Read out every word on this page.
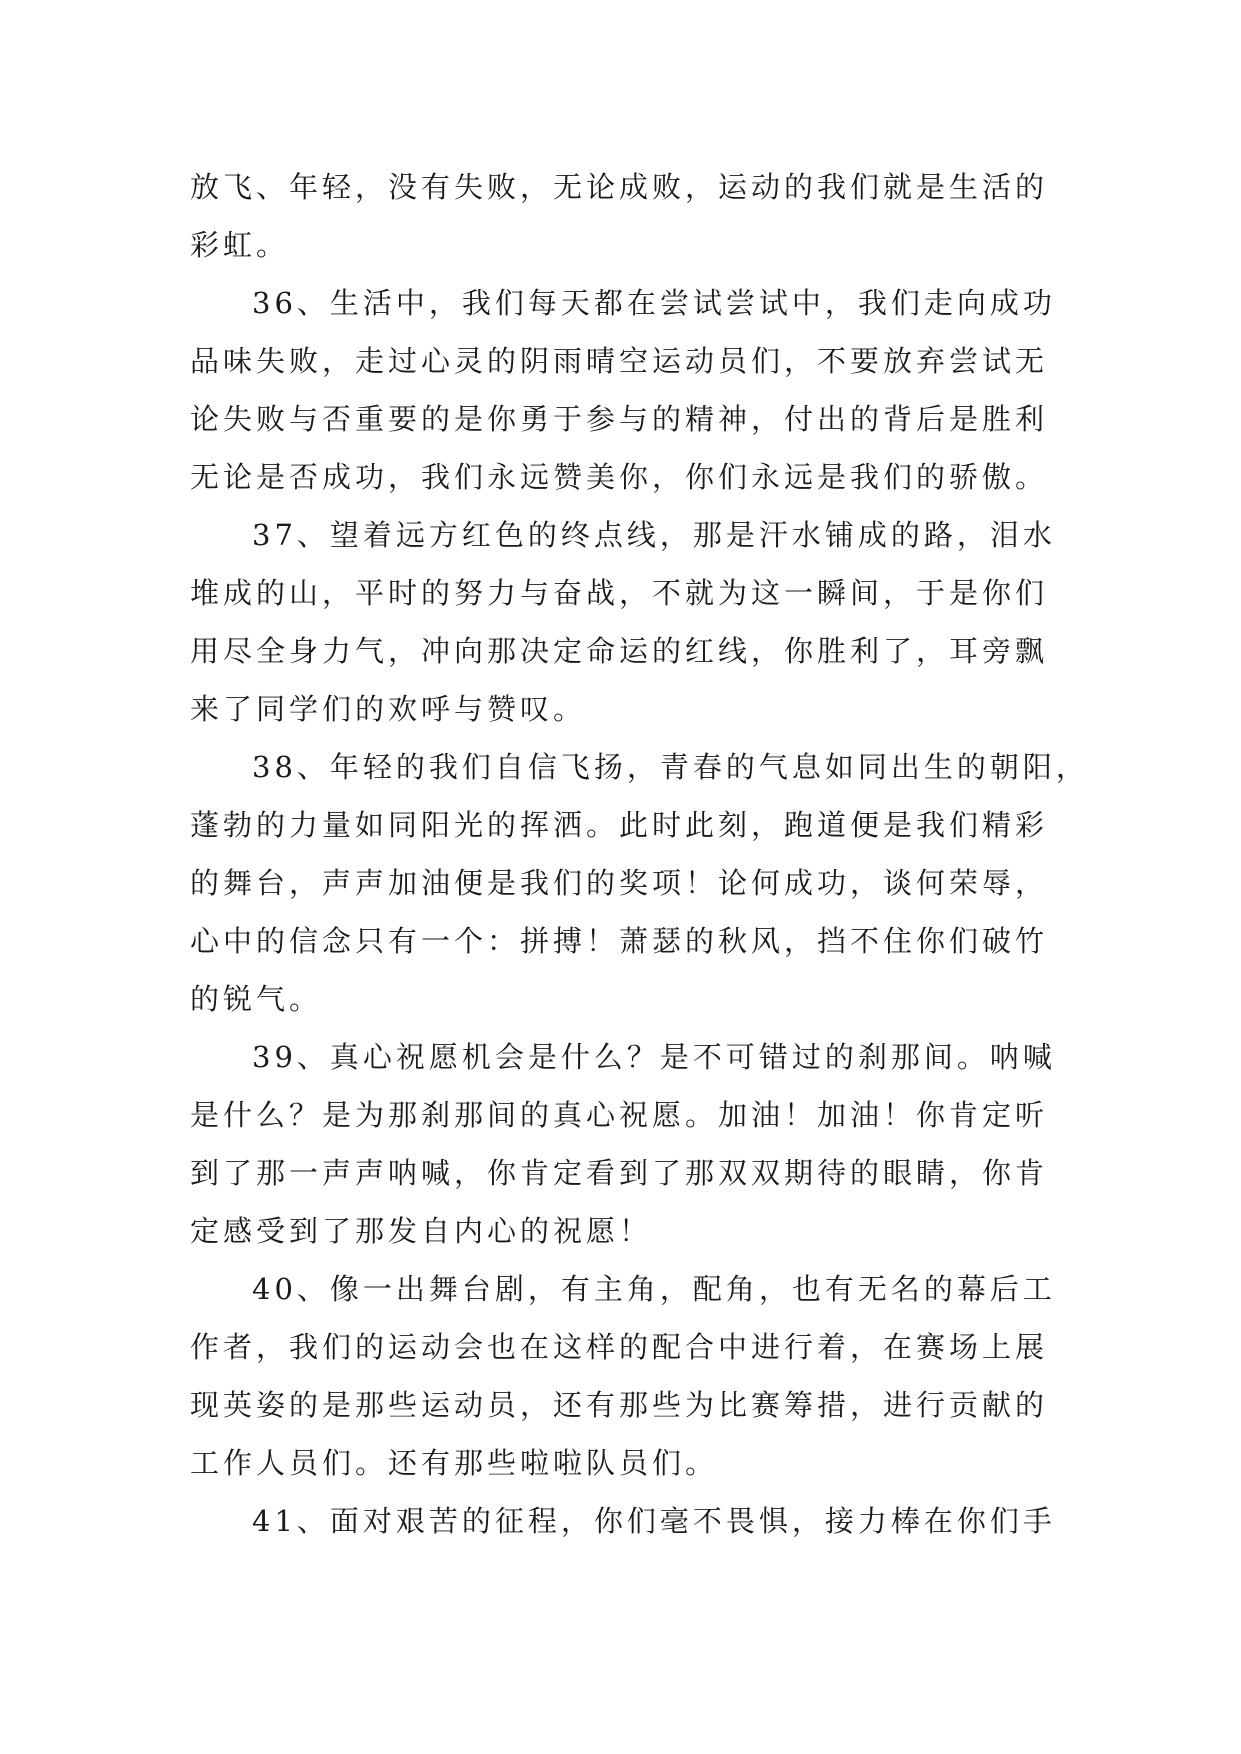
放飞、年轻，没有失败，无论成败，运动的我们就是生活的
彩虹。
36、生活中，我们每天都在尝试尝试中，我们走向成功
品味失败，走过心灵的阴雨晴空运动员们，不要放弃尝试无
论失败与否重要的是你勇于参与的精神，付出的背后是胜利
无论是否成功，我们永远赞美你，你们永远是我们的骄傲。
37、望着远方红色的终点线，那是汗水铺成的路，泪水
堆成的山，平时的努力与奋战，不就为这一瞬间，于是你们
用尽全身力气，冲向那决定命运的红线，你胜利了，耳旁飘
来了同学们的欢呼与赞叹。
38、年轻的我们自信飞扬，青春的气息如同出生的朝阳，
蓬勃的力量如同阳光的挥洒。此时此刻，跑道便是我们精彩
的舞台，声声加油便是我们的奖项！论何成功，谈何荣辱，
心中的信念只有一个：拼搏！萧瑟的秋风，挡不住你们破竹
的锐气。
39、真心祝愿机会是什么？是不可错过的刹那间。呐喊
是什么？是为那刹那间的真心祝愿。加油！加油！你肯定听
到了那一声声呐喊，你肯定看到了那双双期待的眼睛，你肯
定感受到了那发自内心的祝愿！
40、像一出舞台剧，有主角，配角，也有无名的幕后工
作者，我们的运动会也在这样的配合中进行着，在赛场上展
现英姿的是那些运动员，还有那些为比赛筹措，进行贡献的
工作人员们。还有那些啦啦队员们。
41、面对艰苦的征程，你们毫不畏惧，接力棒在你们手
